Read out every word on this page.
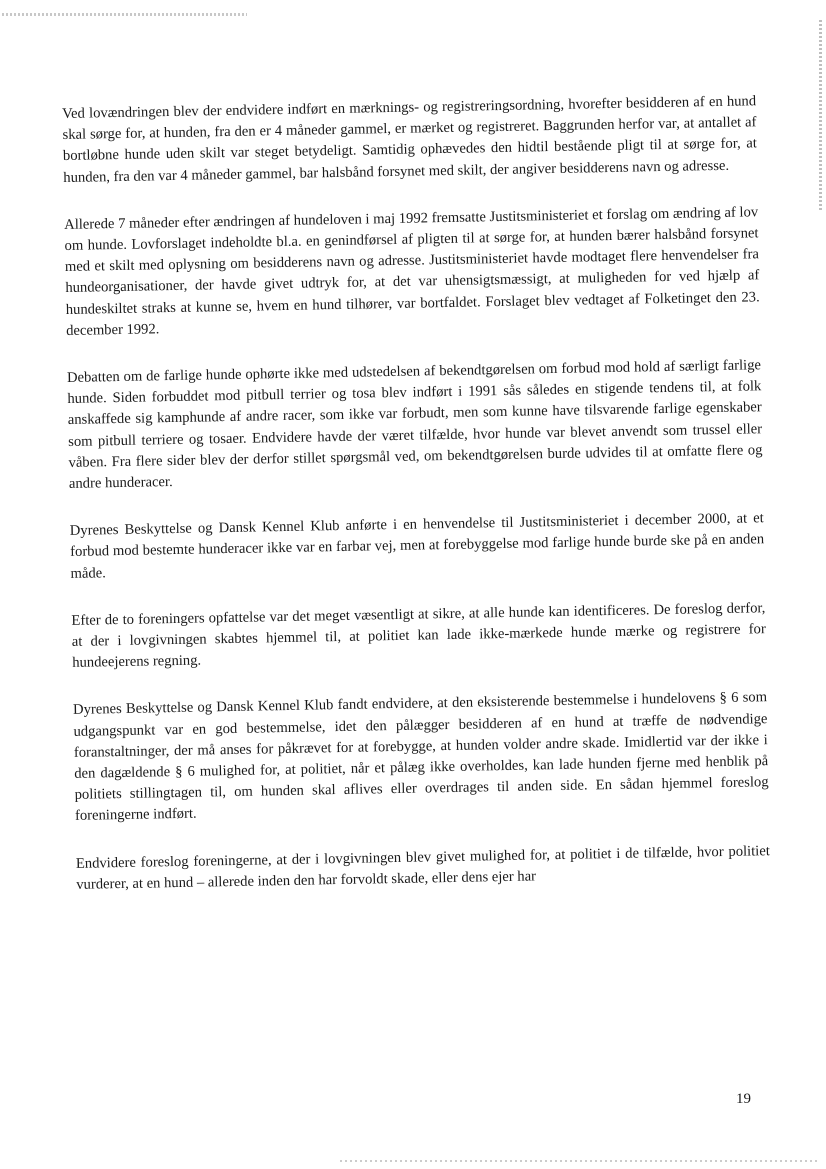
Ved lovændringen blev der endvidere indført en mærknings- og registreringsordning, hvorefter besidderen af en hund skal sørge for, at hunden, fra den er 4 måneder gammel, er mærket og registreret. Baggrunden herfor var, at antallet af bortløbne hunde uden skilt var steget betydeligt. Samtidig ophævedes den hidtil bestående pligt til at sørge for, at hunden, fra den var 4 måneder gammel, bar halsbånd forsynet med skilt, der angiver besidderens navn og adresse.

Allerede 7 måneder efter ændringen af hundeloven i maj 1992 fremsatte Justitsministeriet et forslag om ændring af lov om hunde. Lovforslaget indeholdte bl.a. en genindførsel af pligten til at sørge for, at hunden bærer halsbånd forsynet med et skilt med oplysning om besidderens navn og adresse. Justitsministeriet havde modtaget flere henvendelser fra hundeorganisationer, der havde givet udtryk for, at det var uhensigtsmæssigt, at muligheden for ved hjælp af hundeskiltet straks at kunne se, hvem en hund tilhører, var bortfaldet. Forslaget blev vedtaget af Folketinget den 23. december 1992.

Debatten om de farlige hunde ophørte ikke med udstedelsen af bekendtgørelsen om forbud mod hold af særligt farlige hunde. Siden forbuddet mod pitbull terrier og tosa blev indført i 1991 sås således en stigende tendens til, at folk anskaffede sig kamphunde af andre racer, som ikke var forbudt, men som kunne have tilsvarende farlige egenskaber som pitbull terriere og tosaer. Endvidere havde der været tilfælde, hvor hunde var blevet anvendt som trussel eller våben. Fra flere sider blev der derfor stillet spørgsmål ved, om bekendtgørelsen burde udvides til at omfatte flere og andre hunderacer.

Dyrenes Beskyttelse og Dansk Kennel Klub anførte i en henvendelse til Justitsministeriet i december 2000, at et forbud mod bestemte hunderacer ikke var en farbar vej, men at forebyggelse mod farlige hunde burde ske på en anden måde.

Efter de to foreningers opfattelse var det meget væsentligt at sikre, at alle hunde kan identificeres. De foreslog derfor, at der i lovgivningen skabtes hjemmel til, at politiet kan lade ikke-mærkede hunde mærke og registrere for hundeejerens regning.

Dyrenes Beskyttelse og Dansk Kennel Klub fandt endvidere, at den eksisterende bestemmelse i hundelovens § 6 som udgangspunkt var en god bestemmelse, idet den pålægger besidderen af en hund at træffe de nødvendige foranstaltninger, der må anses for påkrævet for at forebygge, at hunden volder andre skade. Imidlertid var der ikke i den dagældende § 6 mulighed for, at politiet, når et pålæg ikke overholdes, kan lade hunden fjerne med henblik på politiets stillingtagen til, om hunden skal aflives eller overdrages til anden side. En sådan hjemmel foreslog foreningerne indført.

Endvidere foreslog foreningerne, at der i lovgivningen blev givet mulighed for, at politiet i de tilfælde, hvor politiet vurderer, at en hund – allerede inden den har forvoldt skade, eller dens ejer har

19
